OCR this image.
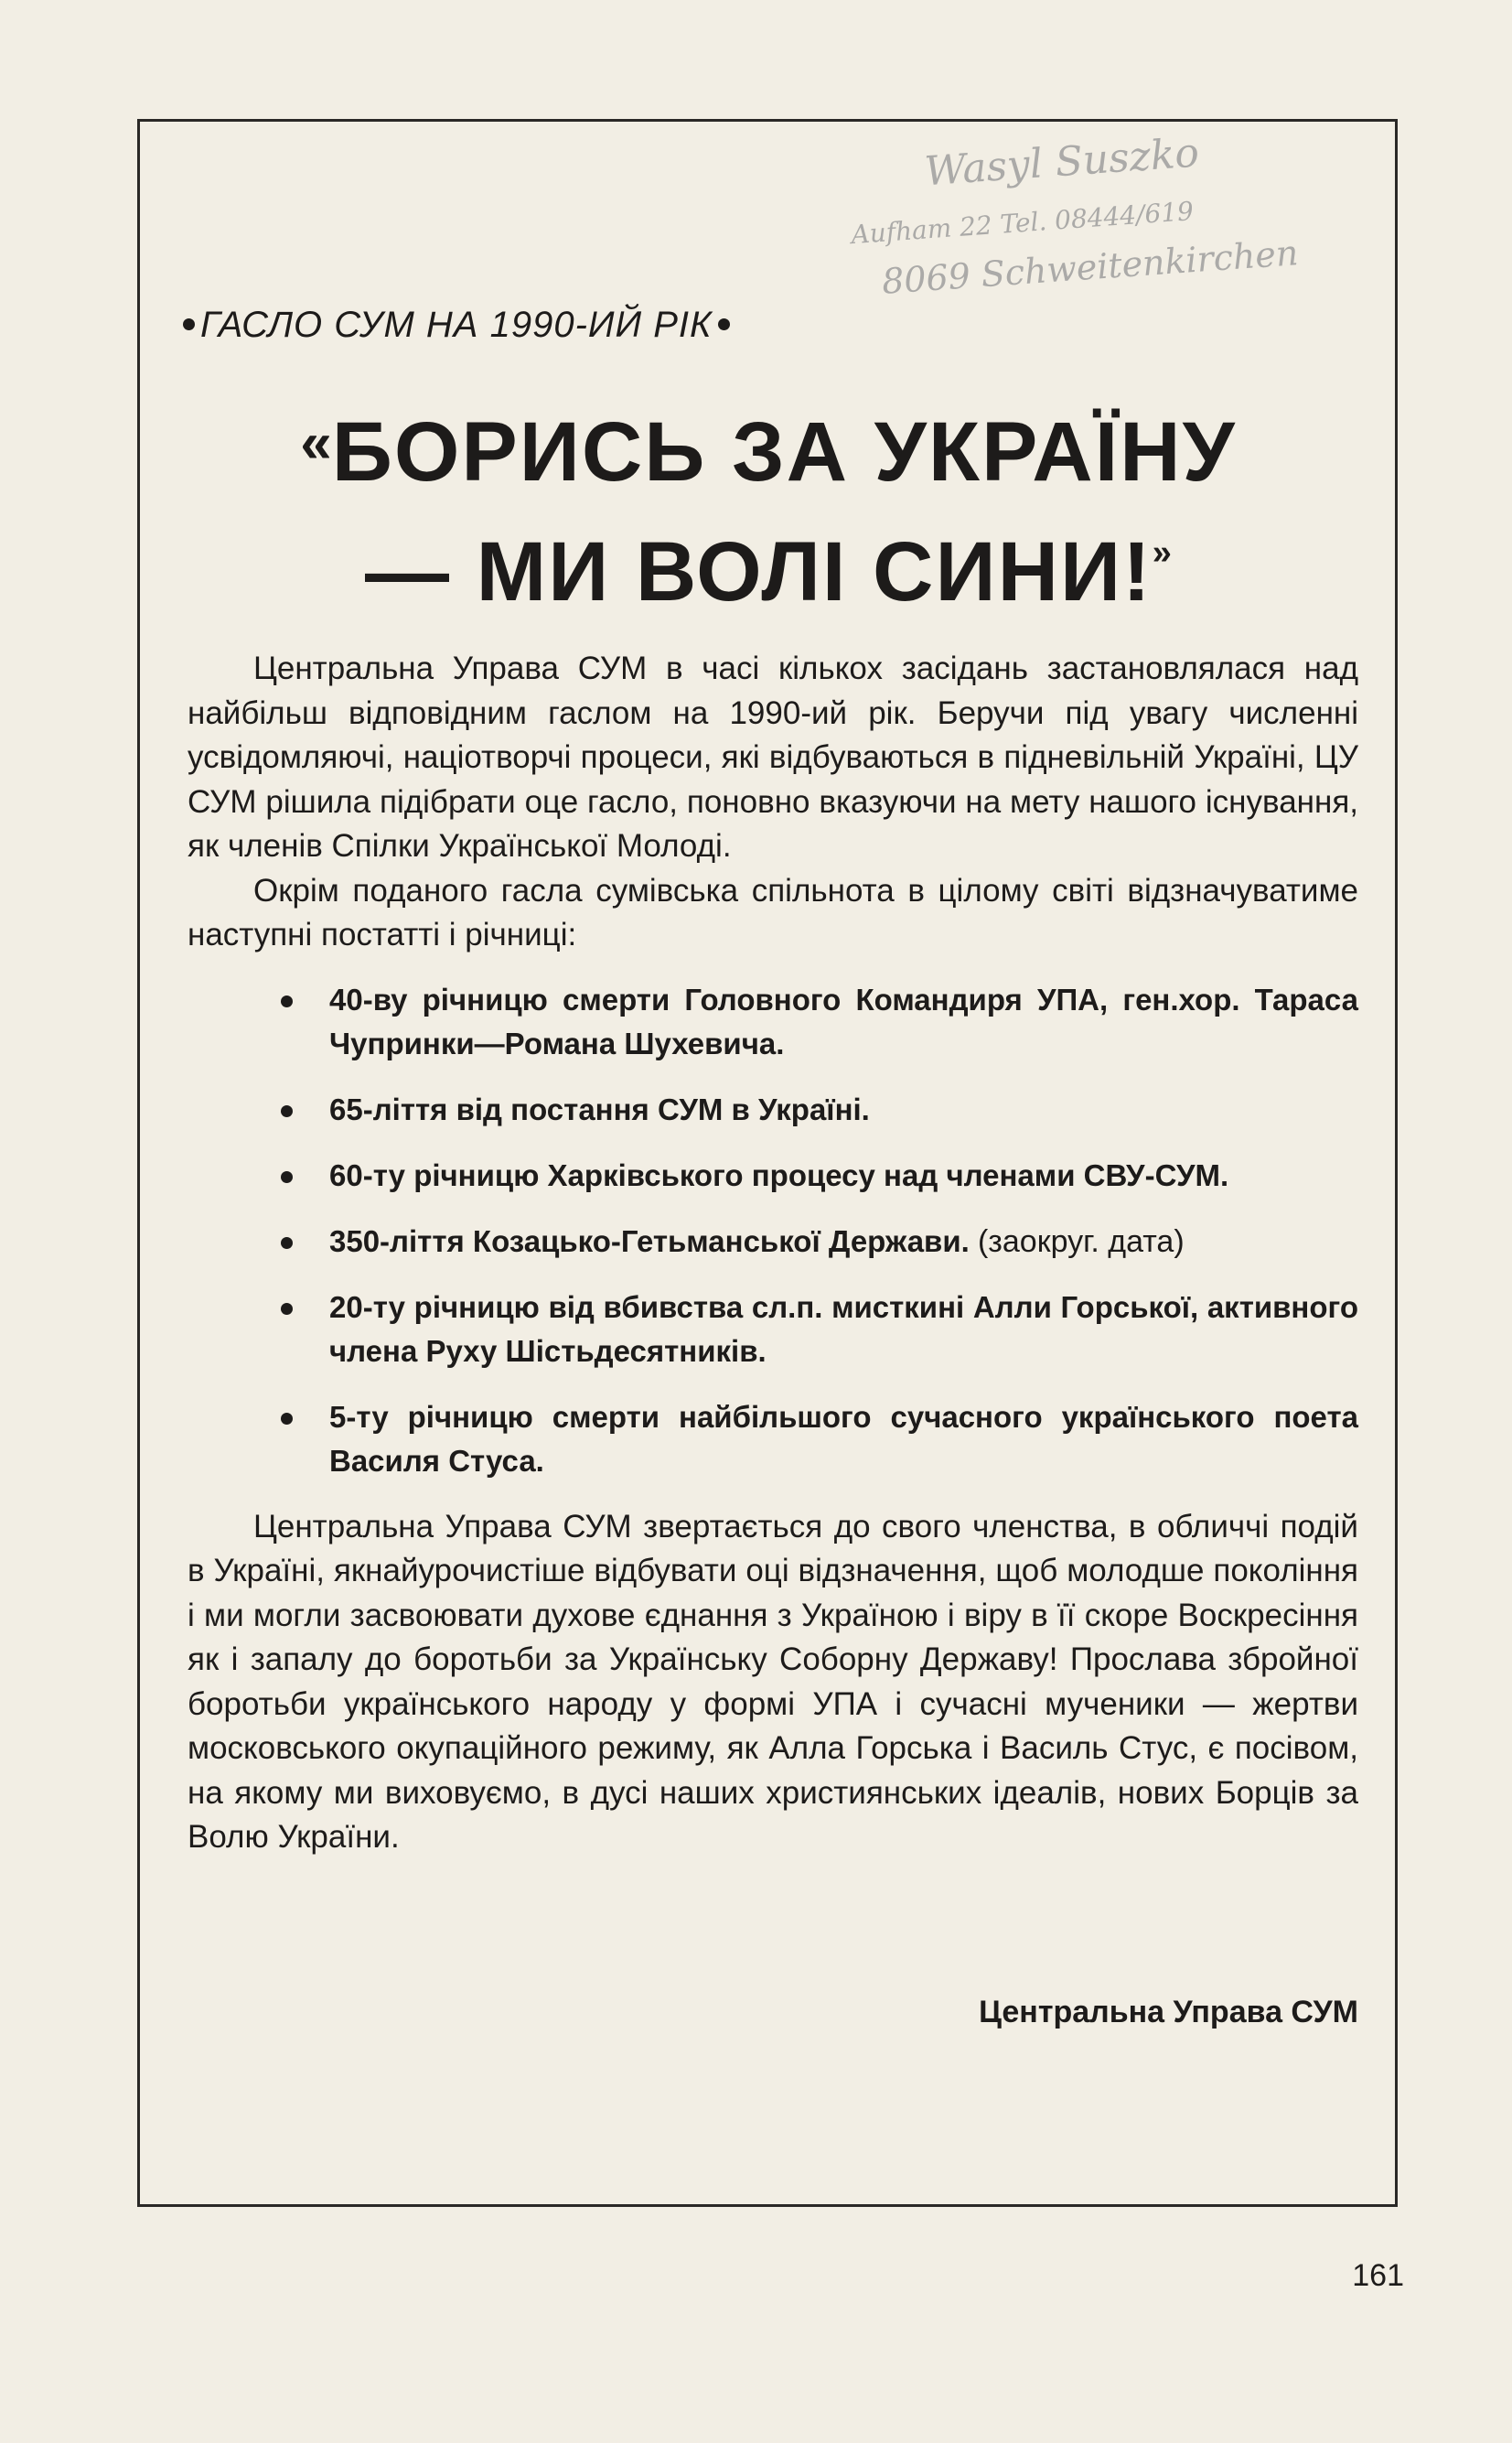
Wasyl Suszko
Aufham 22 Tel. 08444/619
8069 Schweitenkirchen
ГАСЛО СУМ НА 1990-ИЙ РІК
«БОРИСЬ ЗА УКРАЇНУ
— МИ ВОЛІ СИНИ!»

Центральна Управа СУМ в часі кількох засідань застановлялася над найбільш відповідним гаслом на 1990-ий рік. Беручи під увагу численні усвідомляючі, націотворчі процеси, які відбуваються в підневільній Україні, ЦУ СУМ рішила підібрати оце гасло, поновно вказуючи на мету нашого існування, як членів Спілки Української Молоді.

Окрім поданого гасла сумівська спільнота в цілому світі відзначуватиме наступні постатті і річниці:

40-ву річницю смерти Головного Командиря УПА, ген.хор. Тараса Чупринки—Романа Шухевича.
65-ліття від постання СУМ в Україні.
60-ту річницю Харківського процесу над членами СВУ-СУМ.
350-ліття Козацько-Гетьманської Держави. (заокруг. дата)
20-ту річницю від вбивства сл.п. мисткині Алли Горської, активного члена Руху Шістьдесятників.
5-ту річницю смерти найбільшого сучасного українського поета Василя Стуса.

Центральна Управа СУМ звертається до свого членства, в обличчі подій в Україні, якнайурочистіше відбувати оці відзначення, щоб молодше покоління і ми могли засвоювати духове єднання з Україною і віру в її скоре Воскресіння як і запалу до боротьби за Українську Соборну Державу! Прослава збройної боротьби українського народу у формі УПА і сучасні мученики — жертви московського окупаційного режиму, як Алла Горська і Василь Стус, є посівом, на якому ми виховуємо, в дусі наших християнських ідеалів, нових Борців за Волю України.

Центральна Управа СУМ
161
